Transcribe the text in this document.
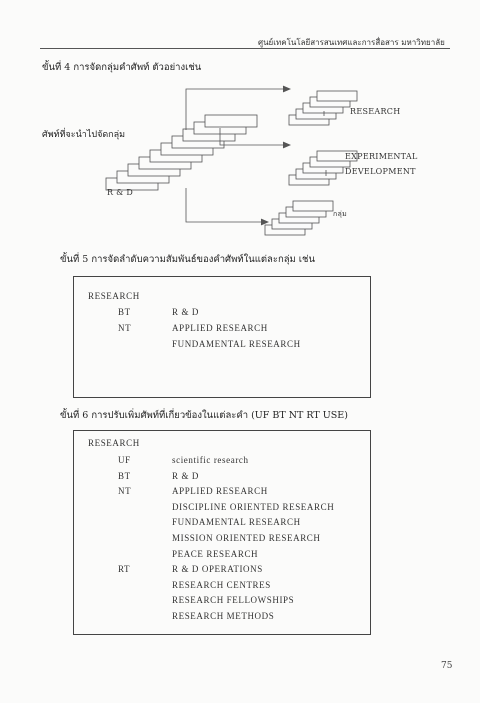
ศูนย์เทคโนโลยีสารสนเทศและการสื่อสาร มหาวิทยาลัย
ขั้นที่ 4 การจัดกลุ่มคำศัพท์ ตัวอย่างเช่น
ศัพท์ที่จะนำไปจัดกลุ่ม
R & D
RESEARCH
EXPERIMENTAL
DEVELOPMENT
กลุ่ม
ขั้นที่ 5 การจัดลำดับความสัมพันธ์ของคำศัพท์ในแต่ละกลุ่ม เช่น
RESEARCH
BT	R & D
NT	APPLIED RESEARCH
FUNDAMENTAL RESEARCH
ขั้นที่ 6 การปรับเพิ่มศัพท์ที่เกี่ยวข้องในแต่ละคำ (UF BT NT RT USE)
RESEARCH
UF	scientific research
BT	R & D
NT	APPLIED RESEARCH
DISCIPLINE ORIENTED RESEARCH
FUNDAMENTAL RESEARCH
MISSION ORIENTED RESEARCH
PEACE RESEARCH
RT	R & D OPERATIONS
RESEARCH CENTRES
RESEARCH FELLOWSHIPS
RESEARCH METHODS
75
